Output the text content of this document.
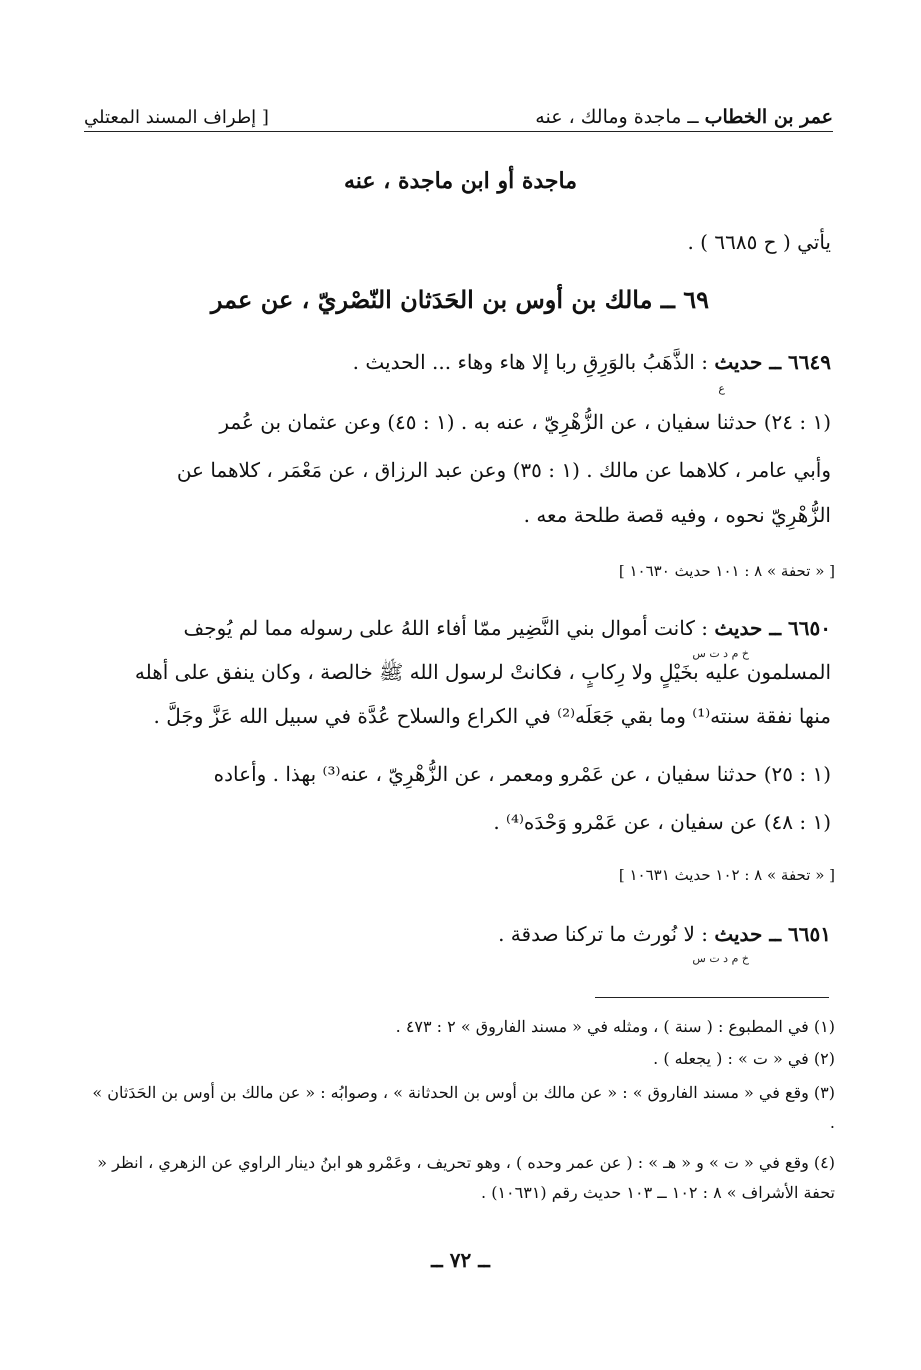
عمر بن الخطاب ــ ماجدة ومالك ، عنه
[ إطراف المسند المعتلي
ماجدة أو ابن ماجدة ، عنه
يأتي ( ح ٦٦٨٥ ) .
٦٩ ــ مالك بن أوس بن الحَدَثان النّصْريّ ، عن عمر
٦٦٤٩ ــ حديث : الذَّهَبُ بالوَرِقِ ربا إلا هاء وهاء ... الحديث .
ع
(١ : ٢٤) حدثنا سفيان ، عن الزُّهْرِيّ ، عنه به . (١ : ٤٥) وعن عثمان بن عُمر
وأبي عامر ، كلاهما عن مالك . (١ : ٣٥) وعن عبد الرزاق ، عن مَعْمَر ، كلاهما عن
الزُّهْرِيّ نحوه ، وفيه قصة طلحة معه .
[ « تحفة » ٨ : ١٠١ حديث ١٠٦٣٠ ]
٦٦٥٠ ــ حديث : كانت أموال بني النَّضِير ممّا أفاء اللهُ على رسوله مما لم يُوجف
خ م د ت س
المسلمون عليه بخَيْلٍ ولا رِكابٍ ، فكانتْ لرسول الله ﷺ خالصة ، وكان ينفق على أهله
منها نفقة سنته⁽¹⁾ وما بقي جَعَلَه⁽²⁾ في الكراع والسلاح عُدَّة في سبيل الله عَزَّ وجَلَّ .
(١ : ٢٥) حدثنا سفيان ، عن عَمْرو ومعمر ، عن الزُّهْرِيّ ، عنه⁽³⁾ بهذا . وأعاده
(١ : ٤٨) عن سفيان ، عن عَمْرو وَحْدَه⁽⁴⁾ .
[ « تحفة » ٨ : ١٠٢ حديث ١٠٦٣١ ]
٦٦٥١ ــ حديث : لا نُورث ما تركنا صدقة .
خ م د ت س
(١) في المطبوع : ( سنة ) ، ومثله في « مسند الفاروق » ٢ : ٤٧٣ .
(٢) في « ت » : ( يجعله ) .
(٣) وقع في « مسند الفاروق » : « عن مالك بن أوس بن الحدثانة » ، وصوابُه : « عن مالك بن أوس بن الحَدَثان » .
(٤) وقع في « ت » و « هـ » : ( عن عمر وحده ) ، وهو تحريف ، وعَمْرو هو ابنُ دينار الراوي عن الزهري ، انظر « تحفة الأشراف » ٨ : ١٠٢ ــ ١٠٣ حديث رقم (١٠٦٣١) .
ــ ٧٢ ــ
